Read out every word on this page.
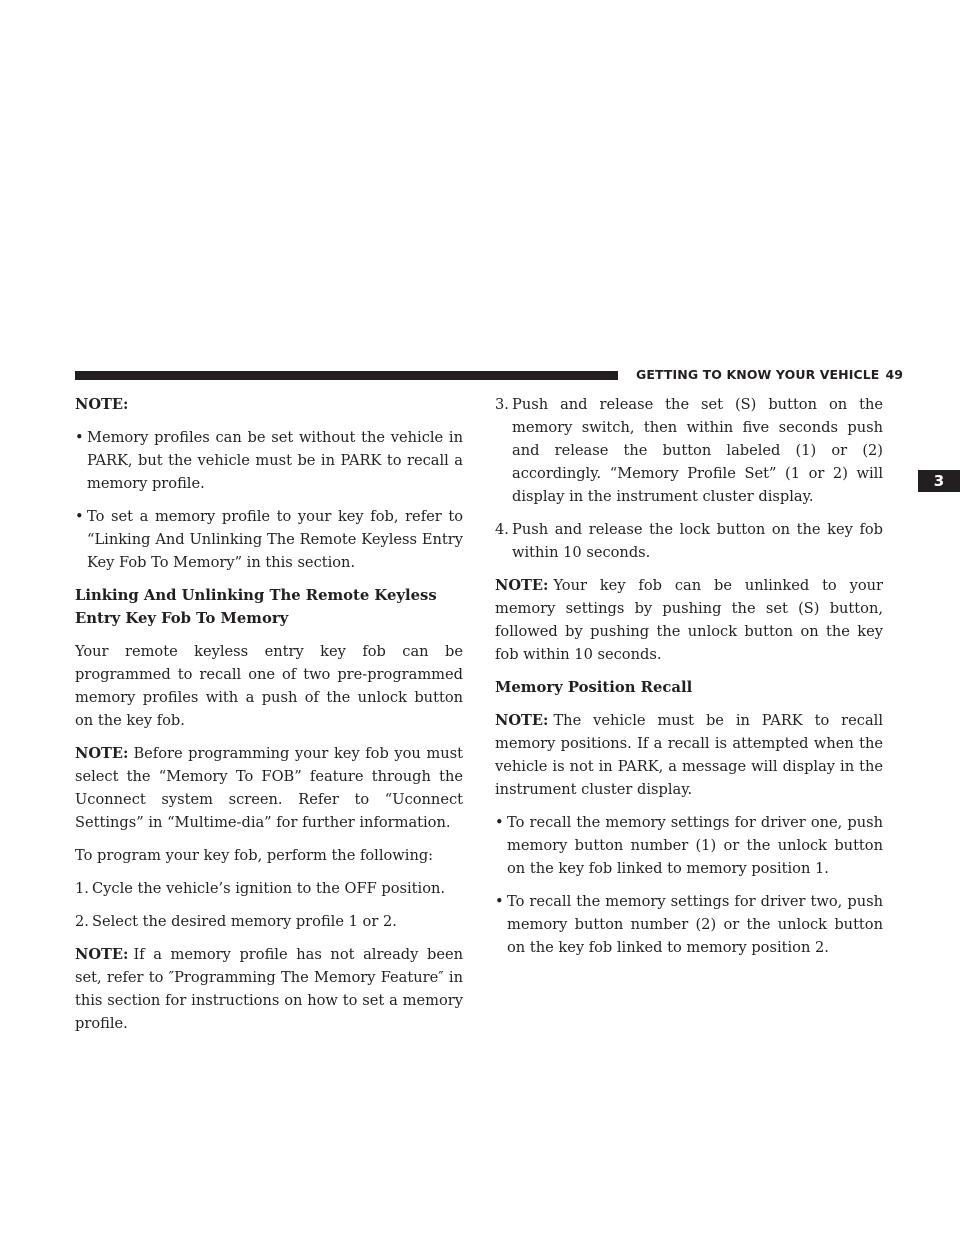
GETTING TO KNOW YOUR VEHICLE 49
3

NOTE:

• Memory profiles can be set without the vehicle in PARK, but the vehicle must be in PARK to recall a memory profile.
• To set a memory profile to your key fob, refer to “Linking And Unlinking The Remote Keyless Entry Key Fob To Memory” in this section.
Linking And Unlinking The Remote Keyless Entry Key Fob To Memory

Your remote keyless entry key fob can be programmed to recall one of two pre-programmed memory profiles with a push of the unlock button on the key fob.

NOTE: Before programming your key fob you must select the “Memory To FOB” feature through the Uconnect system screen. Refer to “Uconnect Settings” in “Multime-dia” for further information.

To program your key fob, perform the following:

1. Cycle the vehicle’s ignition to the OFF position.
2. Select the desired memory profile 1 or 2.

NOTE: If a memory profile has not already been set, refer to ″Programming The Memory Feature″ in this section for instructions on how to set a memory profile.

3. Push and release the set (S) button on the memory switch, then within five seconds push and release the button labeled (1) or (2) accordingly. “Memory Profile Set” (1 or 2) will display in the instrument cluster display.
4. Push and release the lock button on the key fob within 10 seconds.

NOTE: Your key fob can be unlinked to your memory settings by pushing the set (S) button, followed by pushing the unlock button on the key fob within 10 seconds.

Memory Position Recall

NOTE: The vehicle must be in PARK to recall memory positions. If a recall is attempted when the vehicle is not in PARK, a message will display in the instrument cluster display.

• To recall the memory settings for driver one, push memory button number (1) or the unlock button on the key fob linked to memory position 1.
• To recall the memory settings for driver two, push memory button number (2) or the unlock button on the key fob linked to memory position 2.
